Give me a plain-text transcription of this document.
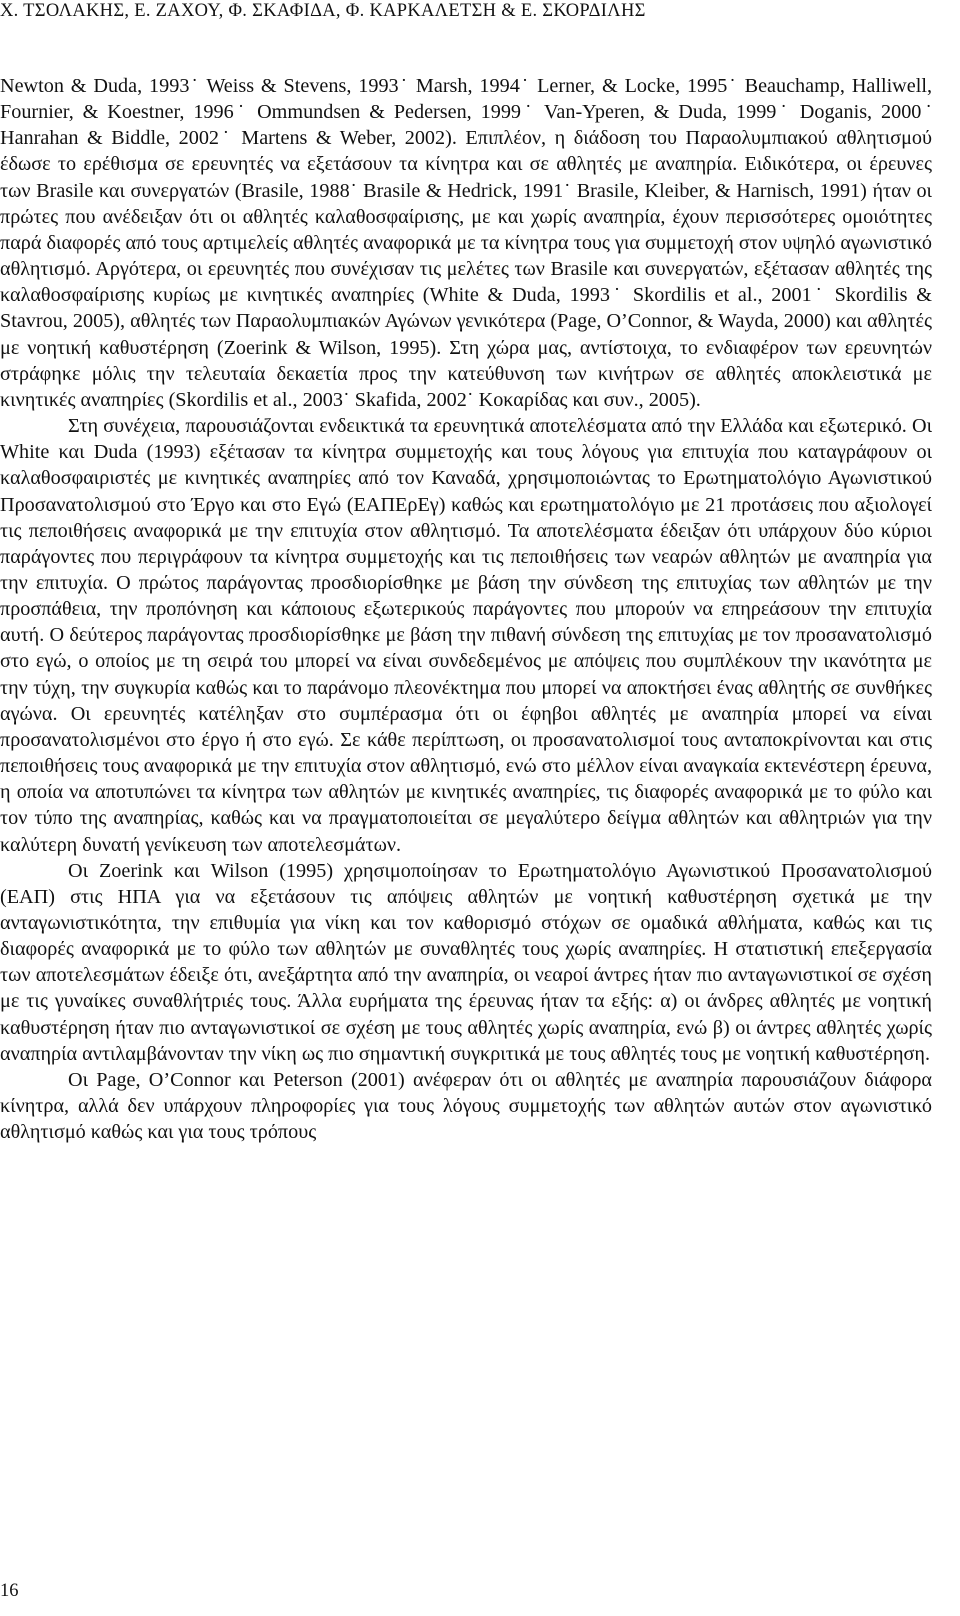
Χ. ΤΣΟΛΑΚΗΣ, Ε. ΖΑΧΟΥ, Φ. ΣΚΑΦΙΔΑ, Φ. ΚΑΡΚΑΛΕΤΣΗ & Ε. ΣΚΟΡΔΙΛΗΣ

Newton & Duda, 1993˙ Weiss & Stevens, 1993˙ Marsh, 1994˙ Lerner, & Locke, 1995˙ Beauchamp, Halliwell, Fournier, & Koestner, 1996˙ Ommundsen & Pedersen, 1999˙ Van-Yperen, & Duda, 1999˙ Doganis, 2000˙ Hanrahan & Biddle, 2002˙ Martens & Weber, 2002). Επιπλέον, η διάδοση του Παραολυμπιακού αθλητισμού έδωσε το ερέθισμα σε ερευνητές να εξετάσουν τα κίνητρα και σε αθλητές με αναπηρία. Ειδικότερα, οι έρευνες των Brasile και συνεργατών (Brasile, 1988˙ Brasile & Hedrick, 1991˙ Brasile, Kleiber, & Harnisch, 1991) ήταν οι πρώτες που ανέδειξαν ότι οι αθλητές καλαθοσφαίρισης, με και χωρίς αναπηρία, έχουν περισσότερες ομοιότητες παρά διαφορές από τους αρτιμελείς αθλητές αναφορικά με τα κίνητρα τους για συμμετοχή στον υψηλό αγωνιστικό αθλητισμό. Αργότερα, οι ερευνητές που συνέχισαν τις μελέτες των Brasile και συνεργατών, εξέτασαν αθλητές της καλαθοσφαίρισης κυρίως με κινητικές αναπηρίες (White & Duda, 1993˙ Skordilis et al., 2001˙ Skordilis & Stavrou, 2005), αθλητές των Παραολυμπιακών Αγώνων γενικότερα (Page, O’Connor, & Wayda, 2000) και αθλητές με νοητική καθυστέρηση (Zoerink & Wilson, 1995). Στη χώρα μας, αντίστοιχα, το ενδιαφέρον των ερευνητών στράφηκε μόλις την τελευταία δεκαετία προς την κατεύθυνση των κινήτρων σε αθλητές αποκλειστικά με κινητικές αναπηρίες (Skordilis et al., 2003˙ Skafida, 2002˙ Κοκαρίδας και συν., 2005).

Στη συνέχεια, παρουσιάζονται ενδεικτικά τα ερευνητικά αποτελέσματα από την Ελλάδα και εξωτερικό. Οι White και Duda (1993) εξέτασαν τα κίνητρα συμμετοχής και τους λόγους για επιτυχία που καταγράφουν οι καλαθοσφαιριστές με κινητικές αναπηρίες από τον Καναδά, χρησιμοποιώντας το Ερωτηματολόγιο Αγωνιστικού Προσανατολισμού στο Έργο και στο Εγώ (ΕΑΠΕρΕγ) καθώς και ερωτηματολόγιο με 21 προτάσεις που αξιολογεί τις πεποιθήσεις αναφορικά με την επιτυχία στον αθλητισμό. Τα αποτελέσματα έδειξαν ότι υπάρχουν δύο κύριοι παράγοντες που περιγράφουν τα κίνητρα συμμετοχής και τις πεποιθήσεις των νεαρών αθλητών με αναπηρία για την επιτυχία. Ο πρώτος παράγοντας προσδιορίσθηκε με βάση την σύνδεση της επιτυχίας των αθλητών με την προσπάθεια, την προπόνηση και κάποιους εξωτερικούς παράγοντες που μπορούν να επηρεάσουν την επιτυχία αυτή. Ο δεύτερος παράγοντας προσδιορίσθηκε με βάση την πιθανή σύνδεση της επιτυχίας με τον προσανατολισμό στο εγώ, ο οποίος με τη σειρά του μπορεί να είναι συνδεδεμένος με απόψεις που συμπλέκουν την ικανότητα με την τύχη, την συγκυρία καθώς και το παράνομο πλεονέκτημα που μπορεί να αποκτήσει ένας αθλητής σε συνθήκες αγώνα. Οι ερευνητές κατέληξαν στο συμπέρασμα ότι οι έφηβοι αθλητές με αναπηρία μπορεί να είναι προσανατολισμένοι στο έργο ή στο εγώ. Σε κάθε περίπτωση, οι προσανατολισμοί τους ανταποκρίνονται και στις πεποιθήσεις τους αναφορικά με την επιτυχία στον αθλητισμό, ενώ στο μέλλον είναι αναγκαία εκτενέστερη έρευνα, η οποία να αποτυπώνει τα κίνητρα των αθλητών με κινητικές αναπηρίες, τις διαφορές αναφορικά με το φύλο και τον τύπο της αναπηρίας, καθώς και να πραγματοποιείται σε μεγαλύτερο δείγμα αθλητών και αθλητριών για την καλύτερη δυνατή γενίκευση των αποτελεσμάτων.

Οι Zoerink και Wilson (1995) χρησιμοποίησαν το Ερωτηματολόγιο Αγωνιστικού Προσανατολισμού (ΕΑΠ) στις ΗΠΑ για να εξετάσουν τις απόψεις αθλητών με νοητική καθυστέρηση σχετικά με την ανταγωνιστικότητα, την επιθυμία για νίκη και τον καθορισμό στόχων σε ομαδικά αθλήματα, καθώς και τις διαφορές αναφορικά με το φύλο των αθλητών με συναθλητές τους χωρίς αναπηρίες. Η στατιστική επεξεργασία των αποτελεσμάτων έδειξε ότι, ανεξάρτητα από την αναπηρία, οι νεαροί άντρες ήταν πιο ανταγωνιστικοί σε σχέση με τις γυναίκες συναθλήτριές τους. Άλλα ευρήματα της έρευνας ήταν τα εξής: α) οι άνδρες αθλητές με νοητική καθυστέρηση ήταν πιο ανταγωνιστικοί σε σχέση με τους αθλητές χωρίς αναπηρία, ενώ β) οι άντρες αθλητές χωρίς αναπηρία αντιλαμβάνονταν την νίκη ως πιο σημαντική συγκριτικά με τους αθλητές τους με νοητική καθυστέρηση.

Οι Page, O’Connor και Peterson (2001) ανέφεραν ότι οι αθλητές με αναπηρία παρουσιάζουν διάφορα κίνητρα, αλλά δεν υπάρχουν πληροφορίες για τους λόγους συμμετοχής των αθλητών αυτών στον αγωνιστικό αθλητισμό καθώς και για τους τρόπους

16
